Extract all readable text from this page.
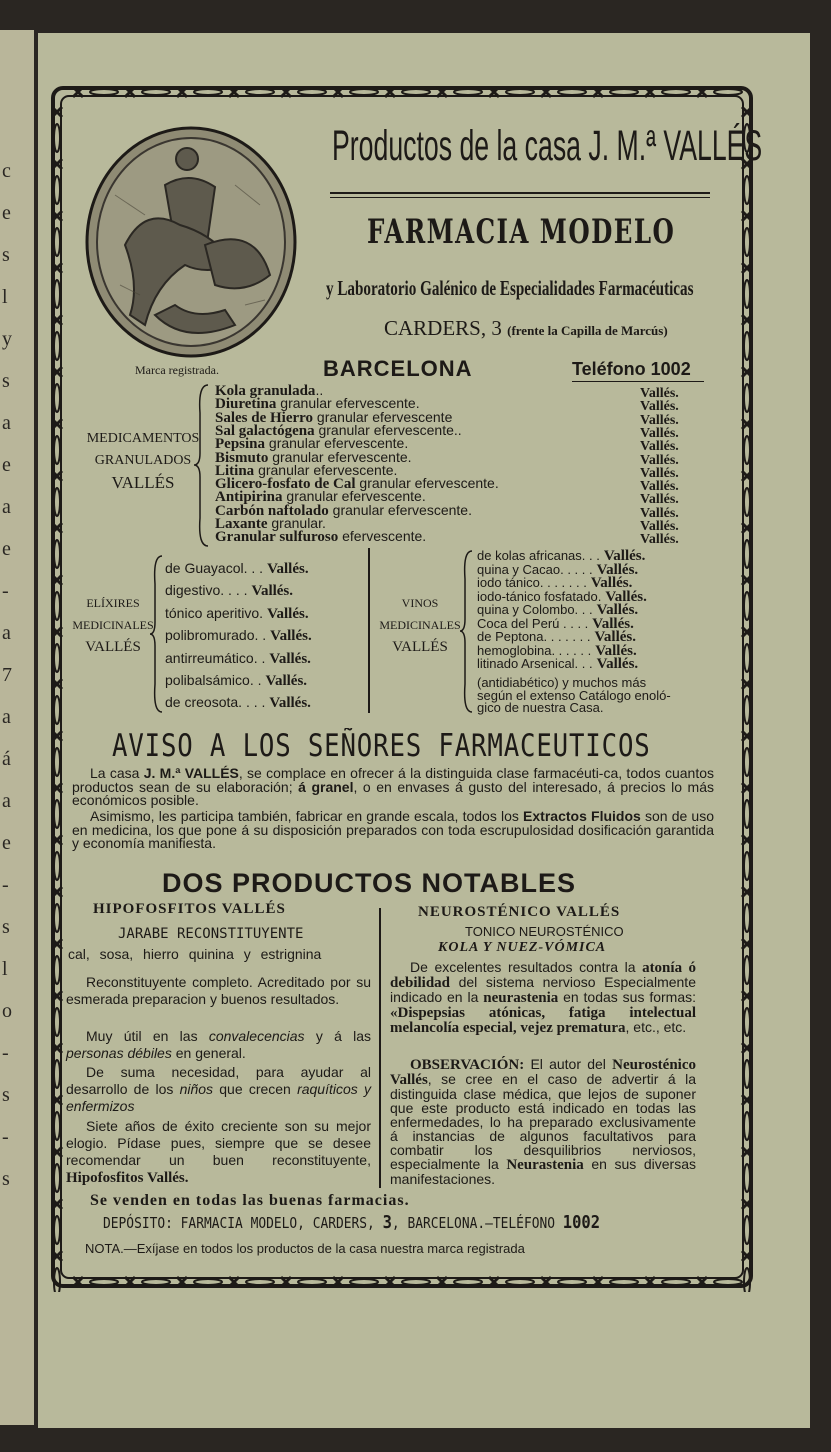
c
e
s
l
y
s
a
e
a
e
-
a
7
a
á
a
e
-
s
l
o
-
s
-
s
Productos de la casa J. M.ª VALLÉS
FARMACIA MODELO
y Laboratorio Galénico de Especialidades Farmacéuticas
CARDERS, 3 (frente la Capilla de Marcús)
Marca registrada.	BARCELONA	Teléfono 1002
MEDICAMENTOS
GRANULADOS
VALLÉS
Kola granulada..	Vallés.
Diuretina granular efervescente.	Vallés.
Sales de Hierro granular efervescente	Vallés.
Sal galactógena granular efervescente..	Vallés.
Pepsina granular efervescente.	Vallés.
Bismuto granular efervescente.	Vallés.
Litina granular efervescente.	Vallés.
Glicero-fosfato de Cal granular efervescente.	Vallés.
Antipirina granular efervescente.	Vallés.
Carbón naftolado granular efervescente.	Vallés.
Laxante granular.	Vallés.
Granular sulfuroso efervescente.	Vallés.
ELÍXIRES
MEDICINALES
VALLÉS
de Guayacol. . . Vallés.
digestivo. . . . Vallés.
tónico aperitivo. Vallés.
polibromurado. . Vallés.
antirreumático. . Vallés.
polibalsámico. . Vallés.
de creosota. . . . Vallés.
VINOS
MEDICINALES
VALLÉS
de kolas africanas. . . Vallés.
quina y Cacao. . . . . Vallés.
iodo tánico. . . . . . . Vallés.
iodo-tánico fosfatado. Vallés.
quina y Colombo. . . Vallés.
Coca del Perú . . . . Vallés.
de Peptona. . . . . . . Vallés.
hemoglobina. . . . . . Vallés.
litinado Arsenical. . . Vallés.
(antidiabético) y muchos más
según el extenso Catálogo enoló-
gico de nuestra Casa.
AVISO A LOS SEÑORES FARMACEUTICOS
La casa J. M.ª VALLÉS, se complace en ofrecer á la distinguida clase farmacéuti-ca, todos cuantos productos sean de su elaboración; á granel, o en envases á gusto del interesado, á precios lo más económicos posible.
Asimismo, les participa también, fabricar en grande escala, todos los Extractos Fluidos son de uso en medicina, los que pone á su disposición preparados con toda escrupulosidad dosificación garantida y economía manifiesta.
DOS PRODUCTOS NOTABLES
HIPOFOSFITOS VALLÉS
JARABE RECONSTITUYENTE
cal, sosa, hierro quinina y estrignina
Reconstituyente completo. Acreditado por su esmerada preparacion y buenos resultados.
Muy útil en las convalecencias y á las personas débiles en general.
De suma necesidad, para ayudar al desarrollo de los niños que crecen raquíticos y enfermizos
Siete años de éxito creciente son su mejor elogio. Pídase pues, siempre que se desee recomendar un buen reconstituyente, Hipofosfitos Vallés.
NEUROSTÉNICO VALLÉS
TONICO NEUROSTÉNICO
KOLA Y NUEZ-VÓMICA
De excelentes resultados contra la atonía ó debilidad del sistema nervioso Especialmente indicado en la neurastenia en todas sus formas: «Dispepsias atónicas, fatiga intelectual melancolía especial, vejez prematura, etc., etc.
OBSERVACIÓN: El autor del Neurosténico Vallés, se cree en el caso de advertir á la distinguida clase médica, que lejos de suponer que este producto está indicado en todas las enfermedades, lo ha preparado exclusivamente á instancias de algunos facultativos para combatir los desquilibrios nerviosos, especialmente la Neurastenia en sus diversas manifestaciones.
Se venden en todas las buenas farmacias.
DEPÓSITO: FARMACIA MODELO, CARDERS, 3, BARCELONA.—TELÉFONO 1002
NOTA.—Exíjase en todos los productos de la casa nuestra marca registrada
